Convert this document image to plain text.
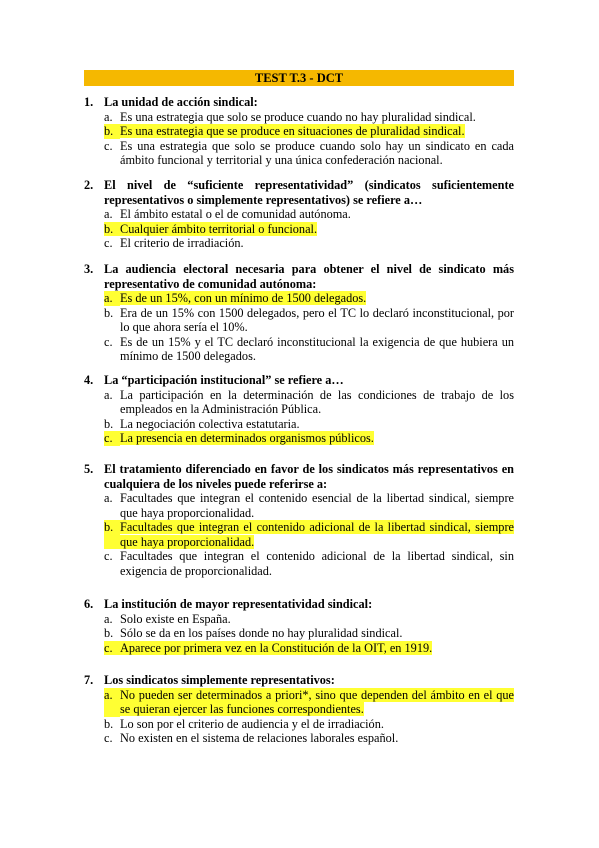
TEST T.3 - DCT
1. La unidad de acción sindical:
a. Es una estrategia que solo se produce cuando no hay pluralidad sindical.
b. Es una estrategia que se produce en situaciones de pluralidad sindical.
c. Es una estrategia que solo se produce cuando solo hay un sindicato en cada ámbito funcional y territorial y una única confederación nacional.
2. El nivel de “suficiente representatividad” (sindicatos suficientemente representativos o simplemente representativos) se refiere a…
a. El ámbito estatal o el de comunidad autónoma.
b. Cualquier ámbito territorial o funcional.
c. El criterio de irradiación.
3. La audiencia electoral necesaria para obtener el nivel de sindicato más representativo de comunidad autónoma:
a. Es de un 15%, con un mínimo de 1500 delegados.
b. Era de un 15% con 1500 delegados, pero el TC lo declaró inconstitucional, por lo que ahora sería el 10%.
c. Es de un 15% y el TC declaró inconstitucional la exigencia de que hubiera un mínimo de 1500 delegados.
4. La “participación institucional” se refiere a…
a. La participación en la determinación de las condiciones de trabajo de los empleados en la Administración Pública.
b. La negociación colectiva estatutaria.
c. La presencia en determinados organismos públicos.
5. El tratamiento diferenciado en favor de los sindicatos más representativos en cualquiera de los niveles puede referirse a:
a. Facultades que integran el contenido esencial de la libertad sindical, siempre que haya proporcionalidad.
b. Facultades que integran el contenido adicional de la libertad sindical, siempre que haya proporcionalidad.
c. Facultades que integran el contenido adicional de la libertad sindical, sin exigencia de proporcionalidad.
6. La institución de mayor representatividad sindical:
a. Solo existe en España.
b. Sólo se da en los países donde no hay pluralidad sindical.
c. Aparece por primera vez en la Constitución de la OIT, en 1919.
7. Los sindicatos simplemente representativos:
a. No pueden ser determinados a priori*, sino que dependen del ámbito en el que se quieran ejercer las funciones correspondientes.
b. Lo son por el criterio de audiencia y el de irradiación.
c. No existen en el sistema de relaciones laborales español.
